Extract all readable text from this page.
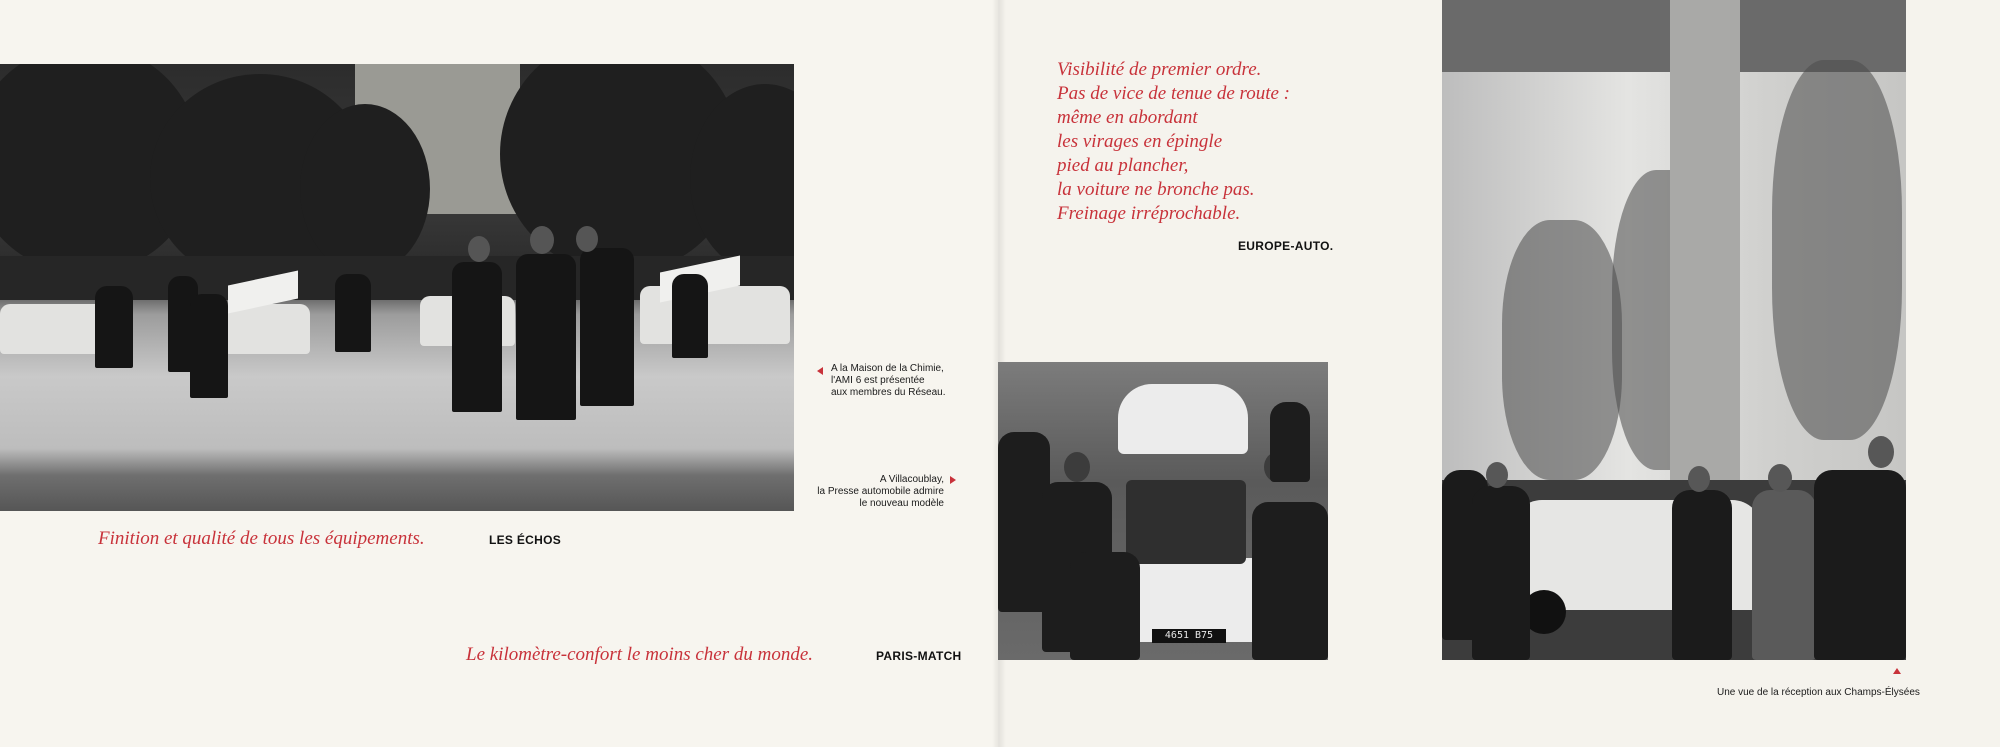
4651 B75
Finition et qualité de tous les équipements.	LES ÉCHOS
Le kilomètre-confort le moins cher du monde.	PARIS-MATCH
A la Maison de la Chimie,
l'AMI 6 est présentée
aux membres du Réseau.
A Villacoublay,
la Presse automobile admire
le nouveau modèle
Visibilité de premier ordre.
Pas de vice de tenue de route :
même en abordant
les virages en épingle
pied au plancher,
la voiture ne bronche pas.
Freinage irréprochable.
EUROPE-AUTO.
Une vue de la réception aux Champs-Élysées
